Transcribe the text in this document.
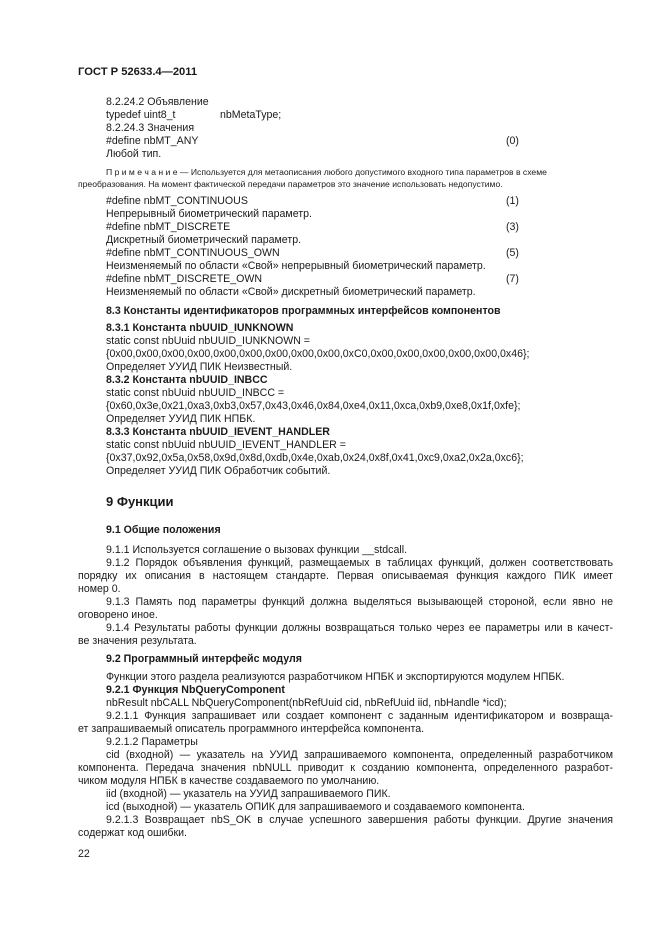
ГОСТ Р 52633.4—2011

8.2.24.2 Объявление

typedef uint8_t	nbMetaType;

8.2.24.3 Значения

#define nbMT_ANY	(0)

Любой тип.

П р и м е ч а н и е — Используется для метаописания любого допустимого входного типа параметров в схеме

преобразования. На момент фактической передачи параметров это значение использовать недопустимо.

#define nbMT_CONTINUOUS	(1)

Непрерывный биометрический параметр.

#define nbMT_DISCRETE	(3)

Дискретный биометрический параметр.

#define nbMT_CONTINUOUS_OWN	(5)

Неизменяемый по области «Свой» непрерывный биометрический параметр.

#define nbMT_DISCRETE_OWN	(7)

Неизменяемый по области «Свой» дискретный биометрический параметр.

8.3 Константы идентификаторов программных интерфейсов компонентов

8.3.1 Константа nbUUID_IUNKNOWN

static const nbUuid nbUUID_IUNKNOWN =

{0x00,0x00,0x00,0x00,0x00,0x00,0x00,0x00,0x00,0xC0,0x00,0x00,0x00,0x00,0x00,0x46};

Определяет УУИД ПИК Неизвестный.

8.3.2 Константа nbUUID_INBCC

static const nbUuid nbUUID_INBCC =

{0x60,0x3e,0x21,0xa3,0xb3,0x57,0x43,0x46,0x84,0xe4,0x11,0xca,0xb9,0xe8,0x1f,0xfe};

Определяет УУИД ПИК НПБК.

8.3.3 Константа nbUUID_IEVENT_HANDLER

static const nbUuid nbUUID_IEVENT_HANDLER =

{0x37,0x92,0x5a,0x58,0x9d,0x8d,0xdb,0x4e,0xab,0x24,0x8f,0x41,0xc9,0xa2,0x2a,0xc6};

Определяет УУИД ПИК Обработчик событий.

9 Функции

9.1 Общие положения

9.1.1 Используется соглашение о вызовах функции __stdcall.

9.1.2 Порядок объявления функций, размещаемых в таблицах функций, должен соответствовать

порядку их описания в настоящем стандарте. Первая описываемая функция каждого ПИК имеет

номер 0.

9.1.3 Память под параметры функций должна выделяться вызывающей стороной, если явно не

оговорено иное.

9.1.4 Результаты работы функции должны возвращаться только через ее параметры или в качест-

ве значения результата.

9.2 Программный интерфейс модуля

Функции этого раздела реализуются разработчиком НПБК и экспортируются модулем НПБК.

9.2.1 Функция NbQueryComponent

nbResult nbCALL NbQueryComponent(nbRefUuid cid, nbRefUuid iid, nbHandle *icd);

9.2.1.1 Функция запрашивает или создает компонент с заданным идентификатором и возвраща-

ет запрашиваемый описатель программного интерфейса компонента.

9.2.1.2 Параметры

cid (входной) — указатель на УУИД запрашиваемого компонента, определенный разработчиком

компонента. Передача значения nbNULL приводит к созданию компонента, определенного разработ-

чиком модуля НПБК в качестве создаваемого по умолчанию.

iid (входной) — указатель на УУИД запрашиваемого ПИК.

icd (выходной) — указатель ОПИК для запрашиваемого и создаваемого компонента.

9.2.1.3 Возвращает nbS_OK в случае успешного завершения работы функции. Другие значения

содержат код ошибки.

22
